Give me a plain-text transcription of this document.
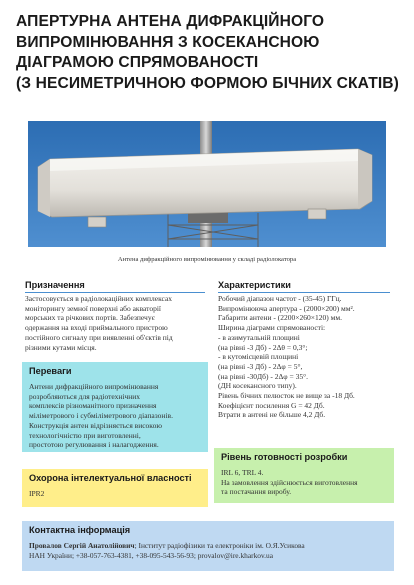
АПЕРТУРНА АНТЕНА ДИФРАКЦІЙНОГО
ВИПРОМІНЮВАННЯ З КОСЕКАНСНОЮ
ДІАГРАМОЮ СПРЯМОВАНОСТІ
(З НЕСИМЕТРИЧНОЮ ФОРМОЮ БІЧНИХ СКАТІВ)
Антена дифракційного випромінювання у складі радіолокатора
Призначення
Застосовується в радіолокаційних комплексах
моніторингу земної поверхні або акваторії
морських та річкових портів. Забезпечує
одержання на вході приймального пристрою
постійного сигналу при виявленні об'єктів під
різними кутами місця.
Характеристики
Робочий діапазон частот - (35-45) ГГц.
Випромінююча апертура - (2000×200) мм².
Габарити антени - (2200×260×120) мм.
Ширина діаграми спрямованості:
- в азимутальній площині
(на рівні -3 Дб) - 2Δθ = 0,3°;
- в кутомісцевій площині
(на рівні -3 Дб) - 2Δφ = 5°,
(на рівні -30Дб) - 2Δφ = 35°.
(ДН косекансного типу).
Рівень бічних пелюсток не вище за -18 Дб.
Коефіцієнт посилення G = 42 Дб.
Втрати в антені не більше 4,2 Дб.
Переваги
Антени дифракційного випромінювання
розробляються для радіотехнічних
комплексів різноманітного призначення
міліметрового і субміліметрового діапазонів.
Конструкція антен відрізняється високою
технологічністю при виготовленні,
простотою регулювання і налагодження.
Охорона інтелектуальної власності
IPR2
Рівень готовності розробки
IRL 6, TRL 4.
На замовлення здійснюється виготовлення
та постачання виробу.
Контактна інформація
Провалов Сергій Анатолійович; Інститут радіофізики та електроніки ім. О.Я.Усикова
НАН України; +38-057-763-4381, +38-095-543-56-93; provalov@ire.kharkov.ua
